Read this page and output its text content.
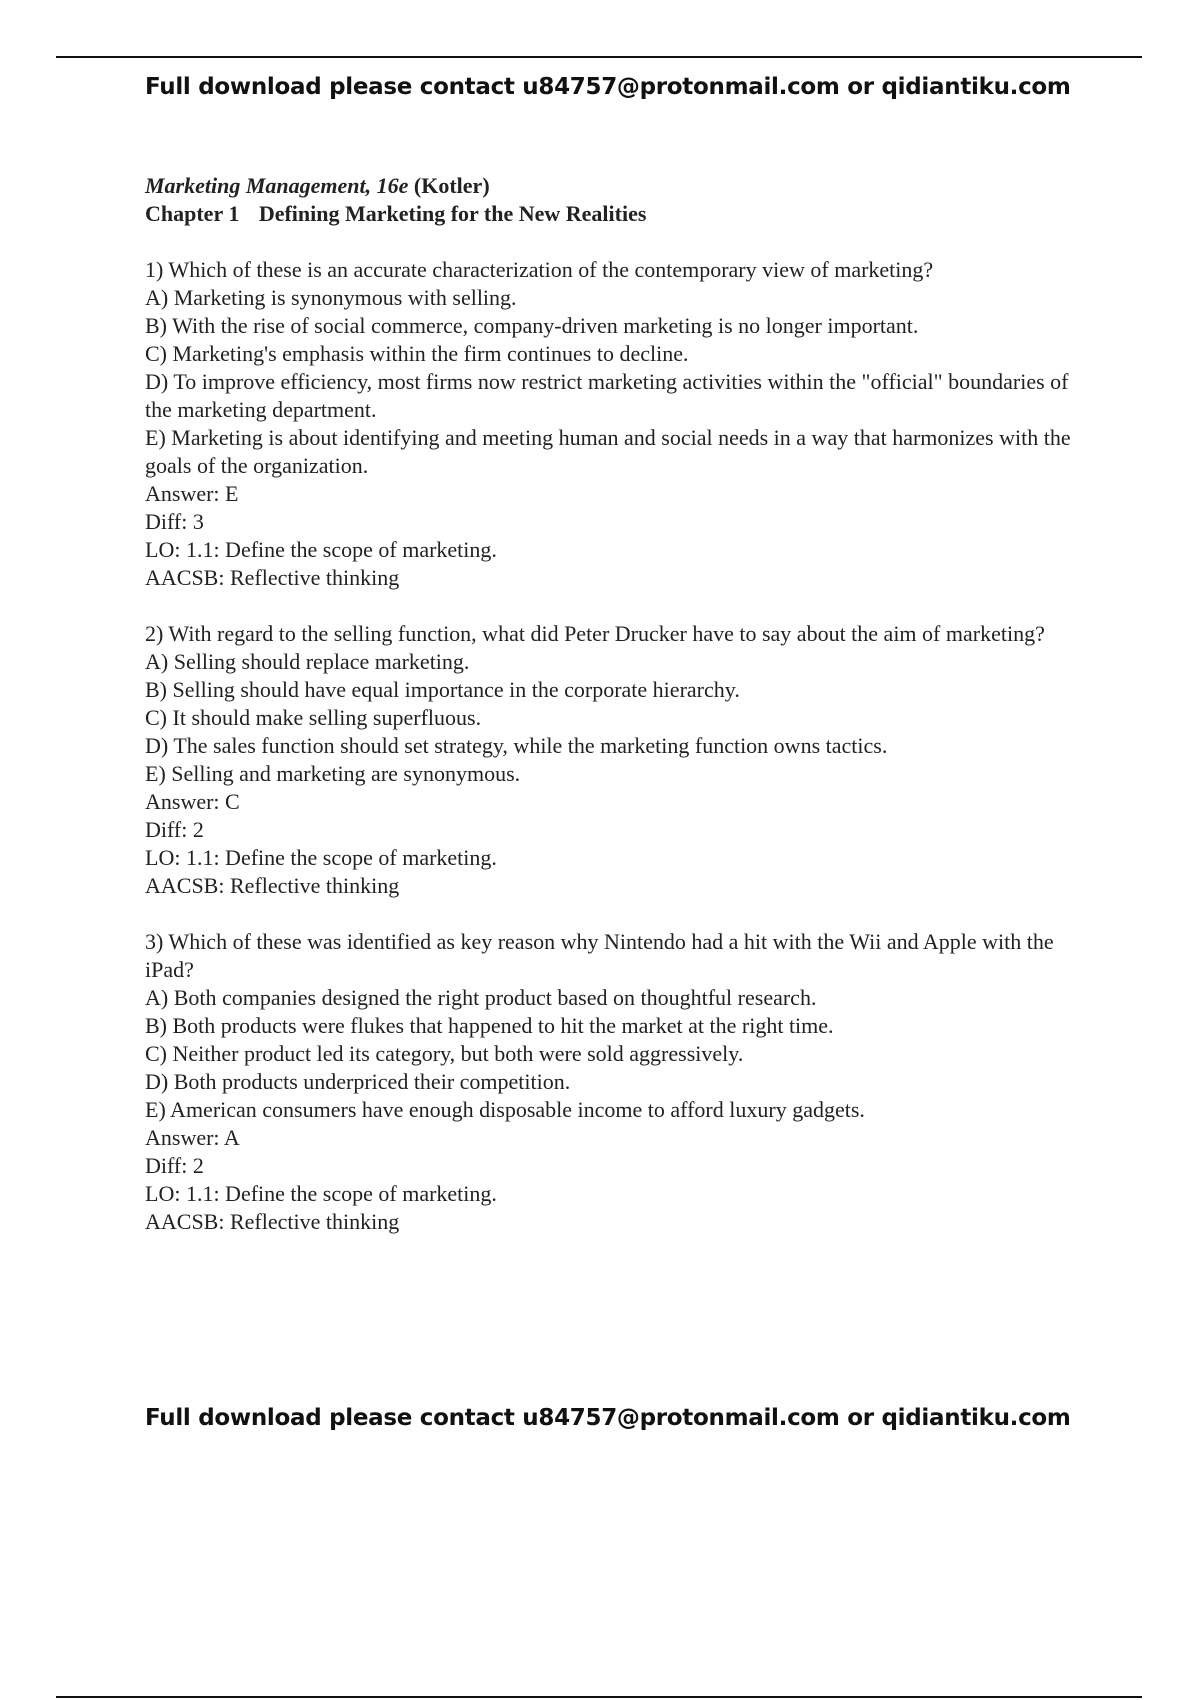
Full download please contact u84757@protonmail.com or qidiantiku.com
Marketing Management, 16e (Kotler)
Chapter 1 Defining Marketing for the New Realities
1) Which of these is an accurate characterization of the contemporary view of marketing?
A) Marketing is synonymous with selling.
B) With the rise of social commerce, company-driven marketing is no longer important.
C) Marketing's emphasis within the firm continues to decline.
D) To improve efficiency, most firms now restrict marketing activities within the "official" boundaries of the marketing department.
E) Marketing is about identifying and meeting human and social needs in a way that harmonizes with the goals of the organization.
Answer: E
Diff: 3
LO: 1.1: Define the scope of marketing.
AACSB: Reflective thinking
2) With regard to the selling function, what did Peter Drucker have to say about the aim of marketing?
A) Selling should replace marketing.
B) Selling should have equal importance in the corporate hierarchy.
C) It should make selling superfluous.
D) The sales function should set strategy, while the marketing function owns tactics.
E) Selling and marketing are synonymous.
Answer: C
Diff: 2
LO: 1.1: Define the scope of marketing.
AACSB: Reflective thinking
3) Which of these was identified as key reason why Nintendo had a hit with the Wii and Apple with the iPad?
A) Both companies designed the right product based on thoughtful research.
B) Both products were flukes that happened to hit the market at the right time.
C) Neither product led its category, but both were sold aggressively.
D) Both products underpriced their competition.
E) American consumers have enough disposable income to afford luxury gadgets.
Answer: A
Diff: 2
LO: 1.1: Define the scope of marketing.
AACSB: Reflective thinking
Full download please contact u84757@protonmail.com or qidiantiku.com
